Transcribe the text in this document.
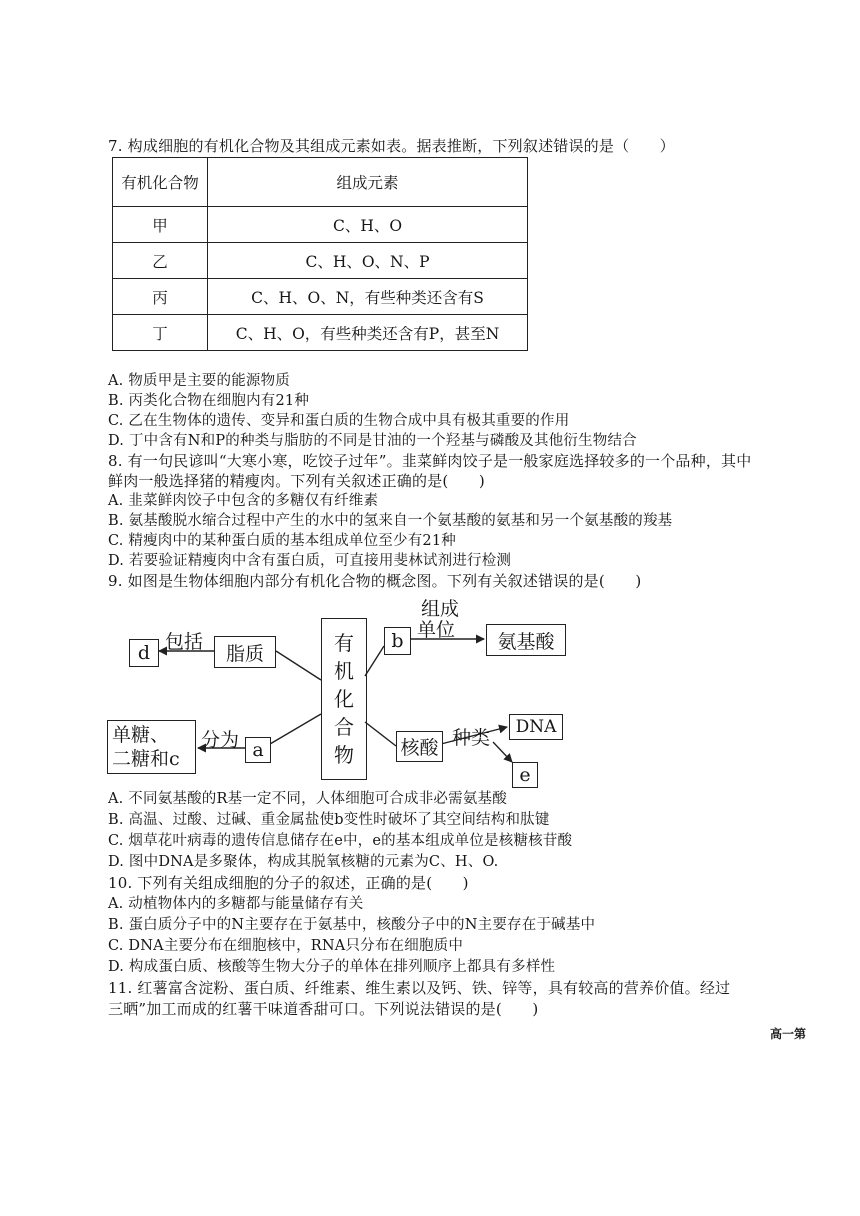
7. 构成细胞的有机化合物及其组成元素如表。据表推断，下列叙述错误的是（　　）
有机化合物	组成元素
甲	C、H、O
乙	C、H、O、N、P
丙	C、H、O、N，有些种类还含有S
丁	C、H、O，有些种类还含有P，甚至N
A. 物质甲是主要的能源物质
B. 丙类化合物在细胞内有21种
C. 乙在生物体的遗传、变异和蛋白质的生物合成中具有极其重要的作用
D. 丁中含有N和P的种类与脂肪的不同是甘油的一个羟基与磷酸及其他衍生物结合
8. 有一句民谚叫“大寒小寒，吃饺子过年”。韭菜鲜肉饺子是一般家庭选择较多的一个品种，其中
鲜肉一般选择猪的精瘦肉。下列有关叙述正确的是(　　)
A. 韭菜鲜肉饺子中包含的多糖仅有纤维素
B. 氨基酸脱水缩合过程中产生的水中的氢来自一个氨基酸的氨基和另一个氨基酸的羧基
C. 精瘦肉中的某种蛋白质的基本组成单位至少有21种
D. 若要验证精瘦肉中含有蛋白质，可直接用斐林试剂进行检测
9. 如图是生物体细胞内部分有机化合物的概念图。下列有关叙述错误的是(　　)
d 包括
脂质	有
机
化
合
物
组成
单位
b	氨基酸
单糖、
二糖和c
分为 a	核酸 种类	DNA
e
A. 不同氨基酸的R基一定不同，人体细胞可合成非必需氨基酸
B. 高温、过酸、过碱、重金属盐使b变性时破坏了其空间结构和肽键
C. 烟草花叶病毒的遗传信息储存在e中，e的基本组成单位是核糖核苷酸
D. 图中DNA是多聚体，构成其脱氧核糖的元素为C、H、O.
10. 下列有关组成细胞的分子的叙述，正确的是(　　)
A. 动植物体内的多糖都与能量储存有关
B. 蛋白质分子中的N主要存在于氨基中，核酸分子中的N主要存在于碱基中
C. DNA主要分布在细胞核中，RNA只分布在细胞质中
D. 构成蛋白质、核酸等生物大分子的单体在排列顺序上都具有多样性
11. 红薯富含淀粉、蛋白质、纤维素、维生素以及钙、铁、锌等，具有较高的营养价值。经过
三晒”加工而成的红薯干味道香甜可口。下列说法错误的是(　　)
高一第
